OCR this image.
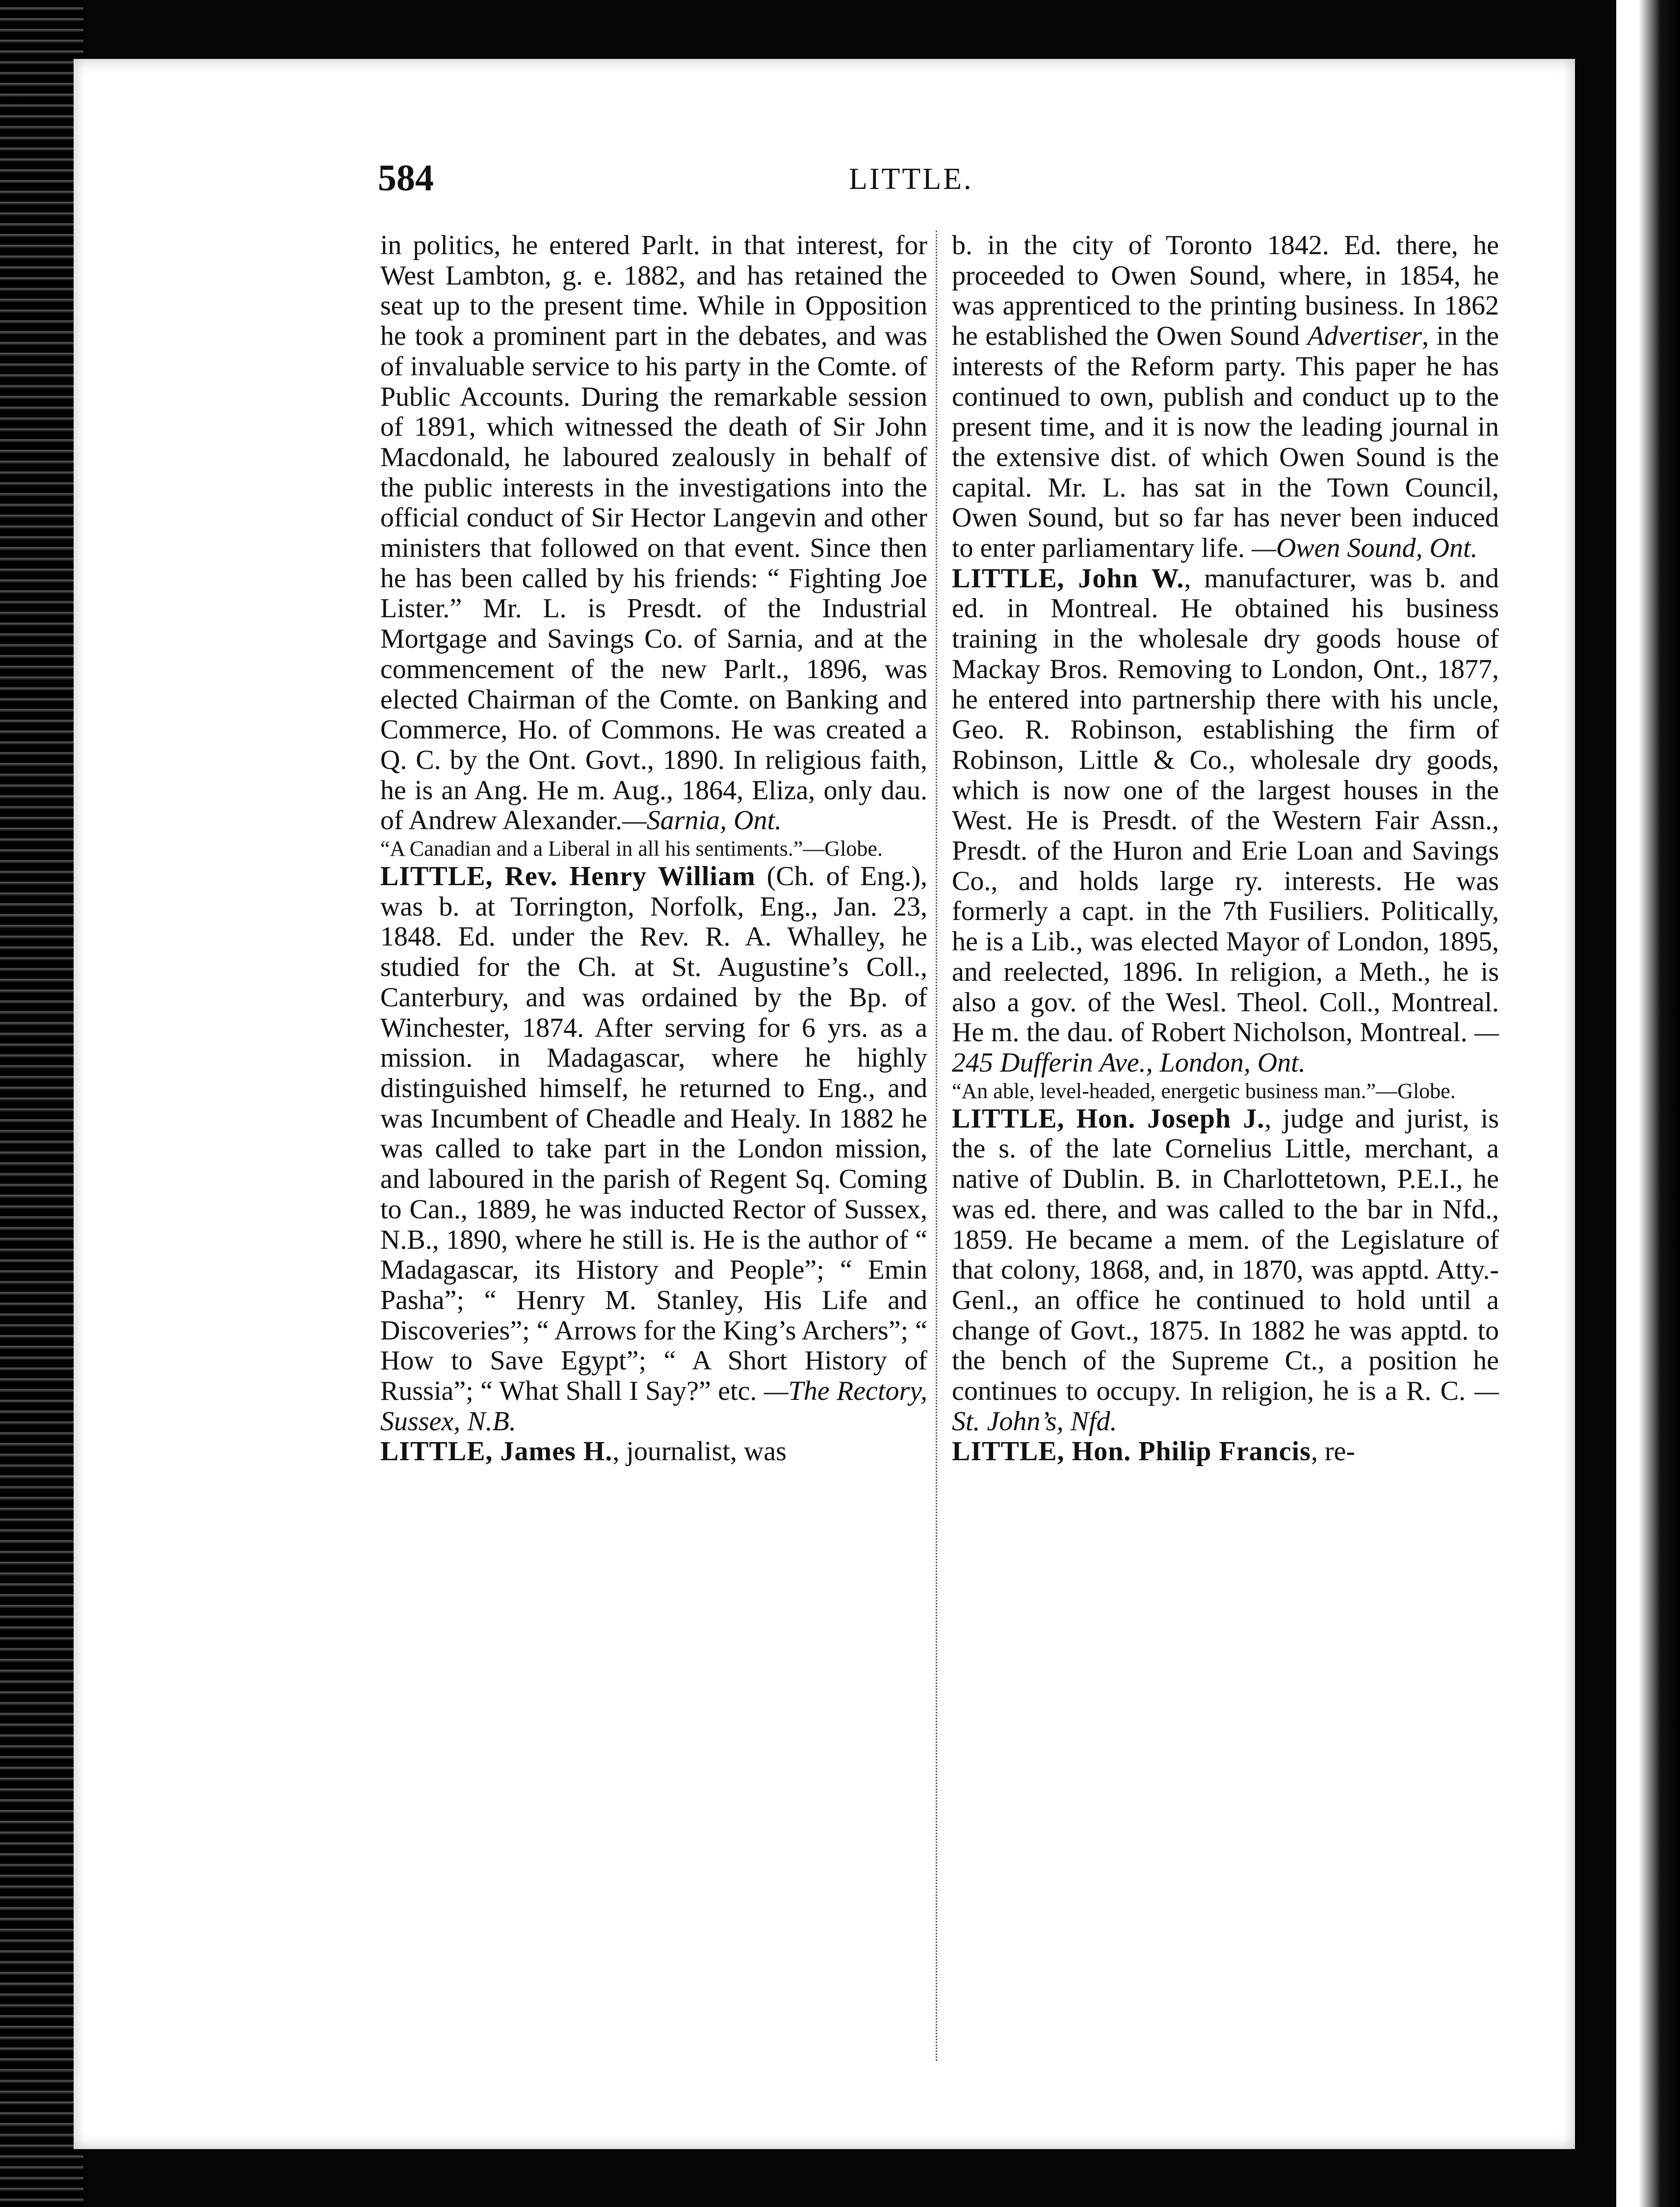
584	LITTLE.

in politics, he entered Parlt. in that interest, for West Lambton, g. e. 1882, and has retained the seat up to the present time. While in Opposition he took a prominent part in the debates, and was of invaluable service to his party in the Comte. of Public Accounts. During the remarkable session of 1891, which witnessed the death of Sir John Macdonald, he laboured zealously in behalf of the public interests in the investigations into the official conduct of Sir Hector Langevin and other ministers that followed on that event. Since then he has been called by his friends: “ Fighting Joe Lister.” Mr. L. is Presdt. of the Industrial Mortgage and Savings Co. of Sarnia, and at the commencement of the new Parlt., 1896, was elected Chairman of the Comte. on Banking and Commerce, Ho. of Commons. He was created a Q. C. by the Ont. Govt., 1890. In religious faith, he is an Ang. He m. Aug., 1864, Eliza, only dau. of Andrew Alexander.—Sarnia, Ont.

“A Canadian and a Liberal in all his sentiments.”—Globe.

LITTLE, Rev. Henry William (Ch. of Eng.), was b. at Torrington, Norfolk, Eng., Jan. 23, 1848. Ed. under the Rev. R. A. Whalley, he studied for the Ch. at St. Augustine’s Coll., Canterbury, and was ordained by the Bp. of Winchester, 1874. After serving for 6 yrs. as a mission. in Madagascar, where he highly distinguished himself, he returned to Eng., and was Incumbent of Cheadle and Healy. In 1882 he was called to take part in the London mission, and laboured in the parish of Regent Sq. Coming to Can., 1889, he was inducted Rector of Sussex, N.B., 1890, where he still is. He is the author of “ Madagascar, its History and People”; “ Emin Pasha”; “ Henry M. Stanley, His Life and Discoveries”; “ Arrows for the King’s Archers”; “ How to Save Egypt”; “ A Short History of Russia”; “ What Shall I Say?” etc. —The Rectory, Sussex, N.B.

LITTLE, James H., journalist, was

b. in the city of Toronto 1842. Ed. there, he proceeded to Owen Sound, where, in 1854, he was apprenticed to the printing business. In 1862 he established the Owen Sound Advertiser, in the interests of the Reform party. This paper he has continued to own, publish and conduct up to the present time, and it is now the leading journal in the extensive dist. of which Owen Sound is the capital. Mr. L. has sat in the Town Council, Owen Sound, but so far has never been induced to enter parliamentary life. —Owen Sound, Ont.

LITTLE, John W., manufacturer, was b. and ed. in Montreal. He obtained his business training in the wholesale dry goods house of Mackay Bros. Removing to London, Ont., 1877, he entered into partnership there with his uncle, Geo. R. Robinson, establishing the firm of Robinson, Little & Co., wholesale dry goods, which is now one of the largest houses in the West. He is Presdt. of the Western Fair Assn., Presdt. of the Huron and Erie Loan and Savings Co., and holds large ry. interests. He was formerly a capt. in the 7th Fusiliers. Politically, he is a Lib., was elected Mayor of London, 1895, and reelected, 1896. In religion, a Meth., he is also a gov. of the Wesl. Theol. Coll., Montreal. He m. the dau. of Robert Nicholson, Montreal. —245 Dufferin Ave., London, Ont.

“An able, level-headed, energetic business man.”—Globe.

LITTLE, Hon. Joseph J., judge and jurist, is the s. of the late Cornelius Little, merchant, a native of Dublin. B. in Charlottetown, P.E.I., he was ed. there, and was called to the bar in Nfd., 1859. He became a mem. of the Legislature of that colony, 1868, and, in 1870, was apptd. Atty.-Genl., an office he continued to hold until a change of Govt., 1875. In 1882 he was apptd. to the bench of the Supreme Ct., a position he continues to occupy. In religion, he is a R. C. —St. John’s, Nfd.

LITTLE, Hon. Philip Francis, re-
